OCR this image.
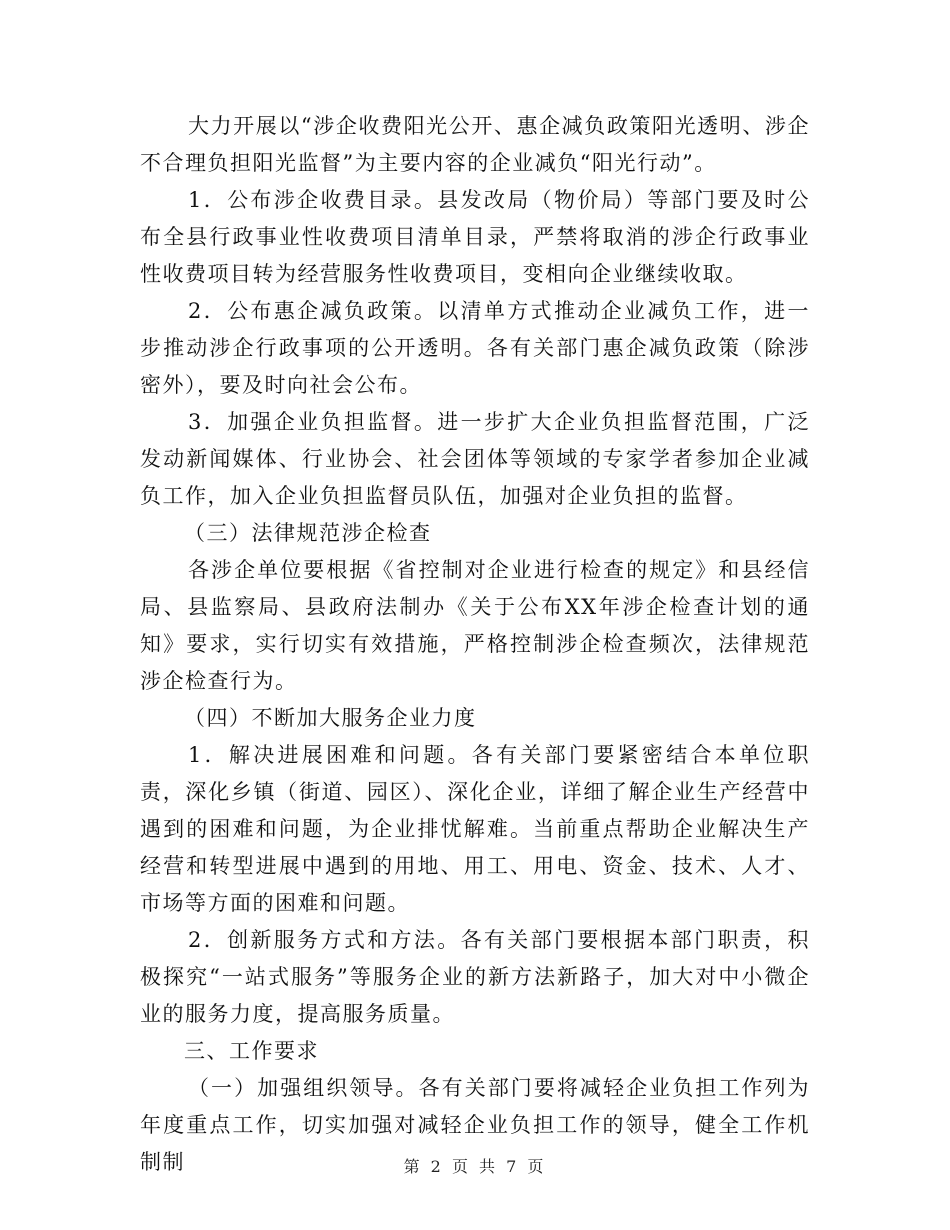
大力开展以“涉企收费阳光公开、惠企减负政策阳光透明、涉企不合理负担阳光监督”为主要内容的企业减负“阳光行动”。

1．公布涉企收费目录。县发改局（物价局）等部门要及时公布全县行政事业性收费项目清单目录，严禁将取消的涉企行政事业性收费项目转为经营服务性收费项目，变相向企业继续收取。

2．公布惠企减负政策。以清单方式推动企业减负工作，进一步推动涉企行政事项的公开透明。各有关部门惠企减负政策（除涉密外），要及时向社会公布。

3．加强企业负担监督。进一步扩大企业负担监督范围，广泛发动新闻媒体、行业协会、社会团体等领域的专家学者参加企业减负工作，加入企业负担监督员队伍，加强对企业负担的监督。

（三）法律规范涉企检查

各涉企单位要根据《省控制对企业进行检查的规定》和县经信局、县监察局、县政府法制办《关于公布XX年涉企检查计划的通知》要求，实行切实有效措施，严格控制涉企检查频次，法律规范涉企检查行为。

（四）不断加大服务企业力度

1．解决进展困难和问题。各有关部门要紧密结合本单位职责，深化乡镇（街道、园区）、深化企业，详细了解企业生产经营中遇到的困难和问题，为企业排忧解难。当前重点帮助企业解决生产经营和转型进展中遇到的用地、用工、用电、资金、技术、人才、市场等方面的困难和问题。

2．创新服务方式和方法。各有关部门要根据本部门职责，积极探究“一站式服务”等服务企业的新方法新路子，加大对中小微企业的服务力度，提高服务质量。

三、工作要求

（一）加强组织领导。各有关部门要将减轻企业负担工作列为年度重点工作，切实加强对减轻企业负担工作的领导，健全工作机制制	第 2 页 共 7 页
